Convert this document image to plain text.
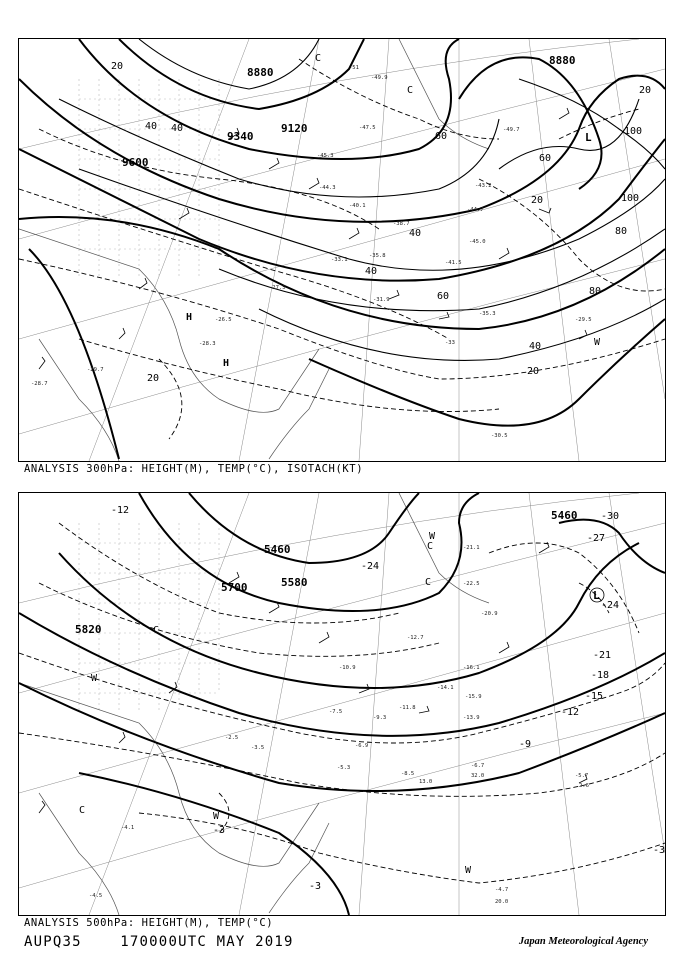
8880
9120
9340
9600
8880
20
40
60
80
100
40
60
80
100
20
40
60
40
20
20
40
20
H
H
L
C
C
W
-51
-49.9
-47.5
-45.3
-44.3
-40.1
-38.7
-35.8
-33.1
-31.9
-35.3
-41.5
-44.7
-49.7
-43.2
-45.0
-28.7
-27.5
-26.5
-28.3
-29.7
-30.5
-29.5
-33
ANALYSIS 300hPa: HEIGHT(M), TEMP(°C), ISOTACH(KT)
5460
5580
5700
5820
5460
-12
-24
-30
-27
-21
-18
-15
-12
-9
-3
-3
-3
-24
C
C
C
C
W
W
W
W
L
-21.1
-22.5
-20.9
-16.1
-15.9
-14.1
-13.9
-12.7
-11.8
-10.9
-9.3
-8.5
-7.5
-6.9
-6.7
-5.7
-5.3
-4.7
-4.5
-4.1
-3.5
-2.5
2.6
32.0
20.0
13.0
ANALYSIS 500hPa: HEIGHT(M), TEMP(°C)
AUPQ35	170000UTC MAY 2019	Japan Meteorological Agency
